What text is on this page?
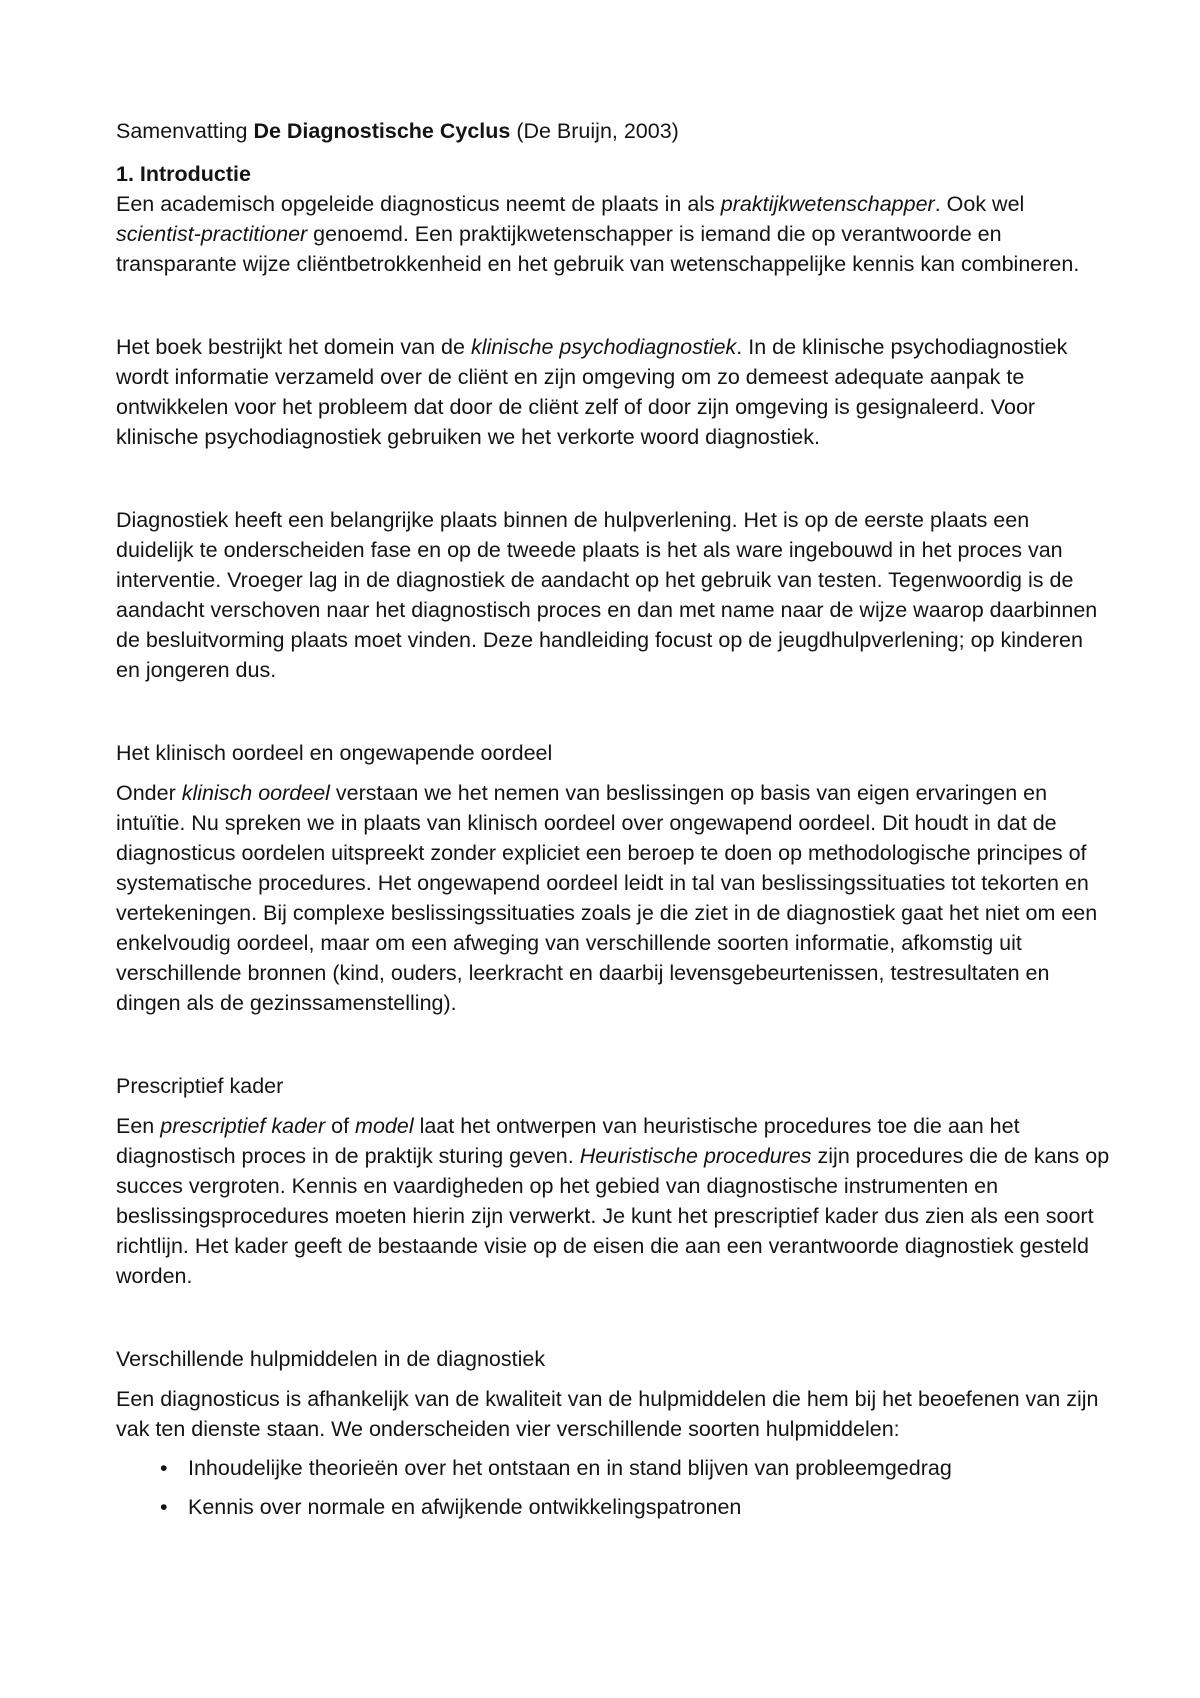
Samenvatting De Diagnostische Cyclus (De Bruijn, 2003)

1. Introductie

Een academisch opgeleide diagnosticus neemt de plaats in als praktijkwetenschapper. Ook wel scientist-practitioner genoemd. Een praktijkwetenschapper is iemand die op verantwoorde en transparante wijze cliëntbetrokkenheid en het gebruik van wetenschappelijke kennis kan combineren.

Het boek bestrijkt het domein van de klinische psychodiagnostiek. In de klinische psychodiagnostiek wordt informatie verzameld over de cliënt en zijn omgeving om zo demeest adequate aanpak te ontwikkelen voor het probleem dat door de cliënt zelf of door zijn omgeving is gesignaleerd. Voor klinische psychodiagnostiek gebruiken we het verkorte woord diagnostiek.

Diagnostiek heeft een belangrijke plaats binnen de hulpverlening. Het is op de eerste plaats een duidelijk te onderscheiden fase en op de tweede plaats is het als ware ingebouwd in het proces van interventie. Vroeger lag in de diagnostiek de aandacht op het gebruik van testen. Tegenwoordig is de aandacht verschoven naar het diagnostisch proces en dan met name naar de wijze waarop daarbinnen de besluitvorming plaats moet vinden. Deze handleiding focust op de jeugdhulpverlening; op kinderen en jongeren dus.

Het klinisch oordeel en ongewapende oordeel

Onder klinisch oordeel verstaan we het nemen van beslissingen op basis van eigen ervaringen en intuïtie. Nu spreken we in plaats van klinisch oordeel over ongewapend oordeel. Dit houdt in dat de diagnosticus oordelen uitspreekt zonder expliciet een beroep te doen op methodologische principes of systematische procedures. Het ongewapend oordeel leidt in tal van beslissingssituaties tot tekorten en vertekeningen. Bij complexe beslissingssituaties zoals je die ziet in de diagnostiek gaat het niet om een enkelvoudig oordeel, maar om een afweging van verschillende soorten informatie, afkomstig uit verschillende bronnen (kind, ouders, leerkracht en daarbij levensgebeurtenissen, testresultaten en dingen als de gezinssamenstelling).

Prescriptief kader

Een prescriptief kader of model laat het ontwerpen van heuristische procedures toe die aan het diagnostisch proces in de praktijk sturing geven. Heuristische procedures zijn procedures die de kans op succes vergroten. Kennis en vaardigheden op het gebied van diagnostische instrumenten en beslissingsprocedures moeten hierin zijn verwerkt. Je kunt het prescriptief kader dus zien als een soort richtlijn. Het kader geeft de bestaande visie op de eisen die aan een verantwoorde diagnostiek gesteld worden.

Verschillende hulpmiddelen in de diagnostiek

Een diagnosticus is afhankelijk van de kwaliteit van de hulpmiddelen die hem bij het beoefenen van zijn vak ten dienste staan. We onderscheiden vier verschillende soorten hulpmiddelen:

• Inhoudelijke theorieën over het ontstaan en in stand blijven van probleemgedrag
• Kennis over normale en afwijkende ontwikkelingspatronen
